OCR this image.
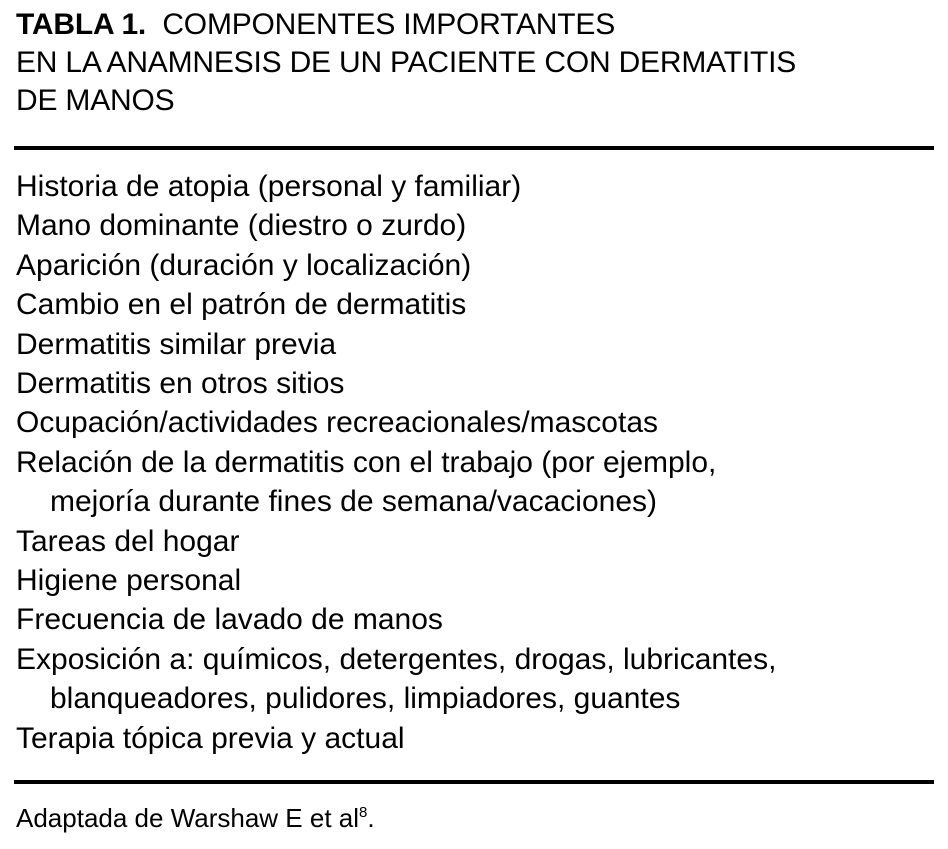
TABLA 1. COMPONENTES IMPORTANTES
EN LA ANAMNESIS DE UN PACIENTE CON DERMATITIS
DE MANOS
Historia de atopia (personal y familiar)
Mano dominante (diestro o zurdo)
Aparición (duración y localización)
Cambio en el patrón de dermatitis
Dermatitis similar previa
Dermatitis en otros sitios
Ocupación/actividades recreacionales/mascotas
Relación de la dermatitis con el trabajo (por ejemplo,
mejoría durante fines de semana/vacaciones)
Tareas del hogar
Higiene personal
Frecuencia de lavado de manos
Exposición a: químicos, detergentes, drogas, lubricantes,
blanqueadores, pulidores, limpiadores, guantes
Terapia tópica previa y actual
Adaptada de Warshaw E et $al^8$.
